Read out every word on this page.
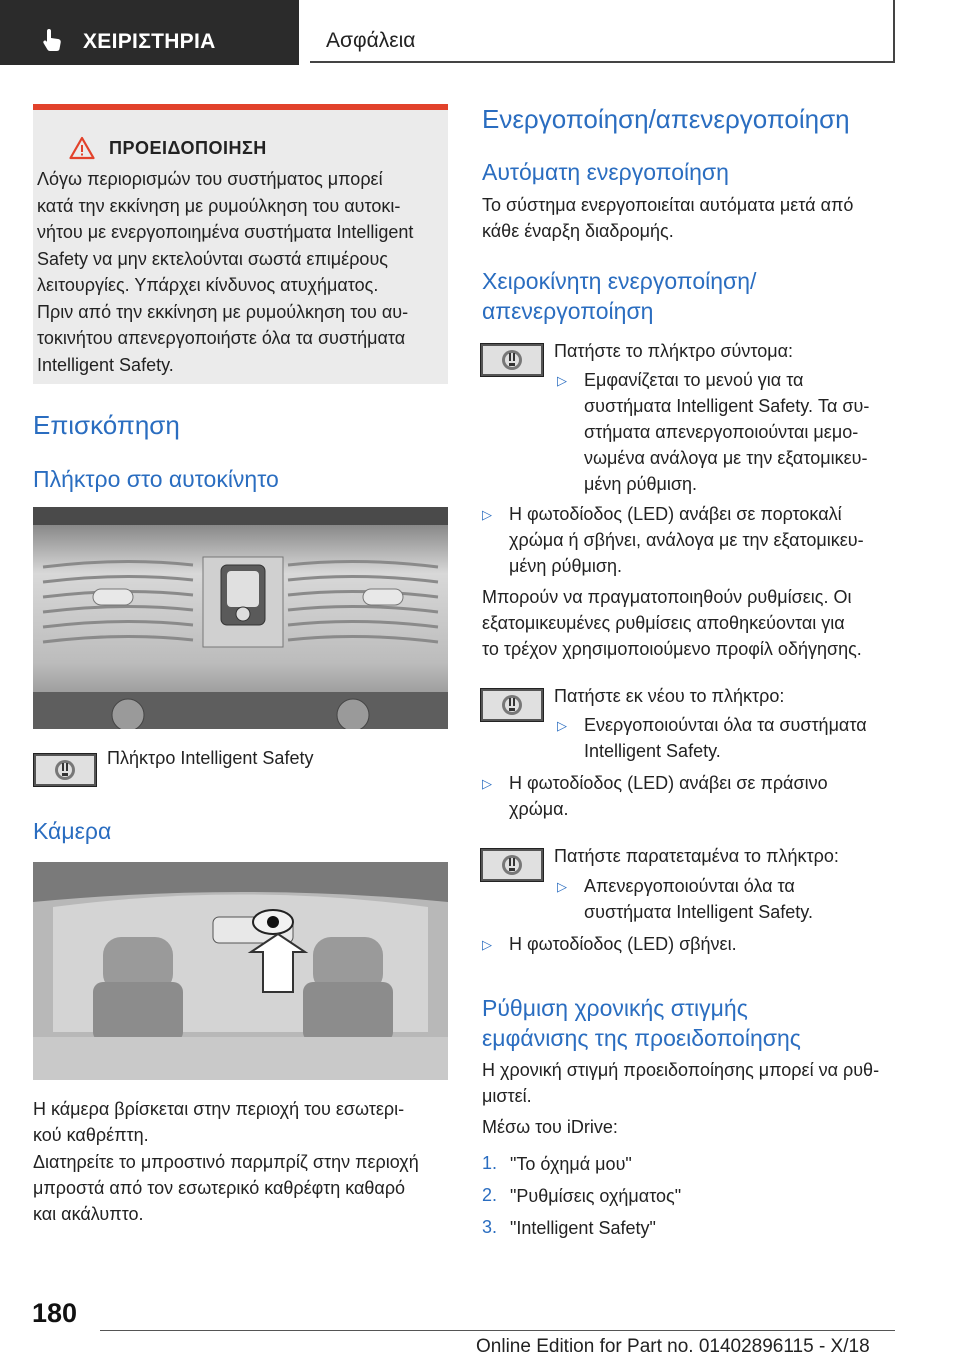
ΧΕΙΡΙΣΤΗΡΙΑ	Ασφάλεια
ΠΡΟΕΙΔΟΠΟΙΗΣΗ
Λόγω περιορισμών του συστήματος μπορεί
κατά την εκκίνηση με ρυμούλκηση του αυτοκι-
νήτου με ενεργοποιημένα συστήματα Intelligent
Safety να μην εκτελούνται σωστά επιμέρους
λειτουργίες. Υπάρχει κίνδυνος ατυχήματος.
Πριν από την εκκίνηση με ρυμούλκηση του αυ-
τοκινήτου απενεργοποιήστε όλα τα συστήματα
Intelligent Safety.
Επισκόπηση
Πλήκτρο στο αυτοκίνητο
Πλήκτρο Intelligent Safety
Κάμερα
Η κάμερα βρίσκεται στην περιοχή του εσωτερι-
κού καθρέπτη.
Διατηρείτε το μπροστινό παρμπρίζ στην περιοχή
μπροστά από τον εσωτερικό καθρέφτη καθαρό
και ακάλυπτο.
Ενεργοποίηση/απενεργοποίηση
Αυτόματη ενεργοποίηση
Το σύστημα ενεργοποιείται αυτόματα μετά από
κάθε έναρξη διαδρομής.
Χειροκίνητη ενεργοποίηση/
απενεργοποίηση
Πατήστε το πλήκτρο σύντομα:
▷ Εμφανίζεται το μενού για τα
συστήματα Intelligent Safety. Τα συ-
στήματα απενεργοποιούνται μεμο-
νωμένα ανάλογα με την εξατομικευ-
μένη ρύθμιση.
▷ Η φωτοδίοδος (LED) ανάβει σε πορτοκαλί
χρώμα ή σβήνει, ανάλογα με την εξατομικευ-
μένη ρύθμιση.
Μπορούν να πραγματοποιηθούν ρυθμίσεις. Οι
εξατομικευμένες ρυθμίσεις αποθηκεύονται για
το τρέχον χρησιμοποιούμενο προφίλ οδήγησης.
Πατήστε εκ νέου το πλήκτρο:
▷ Ενεργοποιούνται όλα τα συστήματα
Intelligent Safety.
▷ Η φωτοδίοδος (LED) ανάβει σε πράσινο
χρώμα.
Πατήστε παρατεταμένα το πλήκτρο:
▷ Απενεργοποιούνται όλα τα
συστήματα Intelligent Safety.
▷ Η φωτοδίοδος (LED) σβήνει.
Ρύθμιση χρονικής στιγμής
εμφάνισης της προειδοποίησης
Η χρονική στιγμή προειδοποίησης μπορεί να ρυθ-
μιστεί.
Μέσω του iDrive:
1. "Το όχημά μου"
2. "Ρυθμίσεις οχήματος"
3. "Intelligent Safety"
180
Online Edition for Part no. 01402896115 - X/18
